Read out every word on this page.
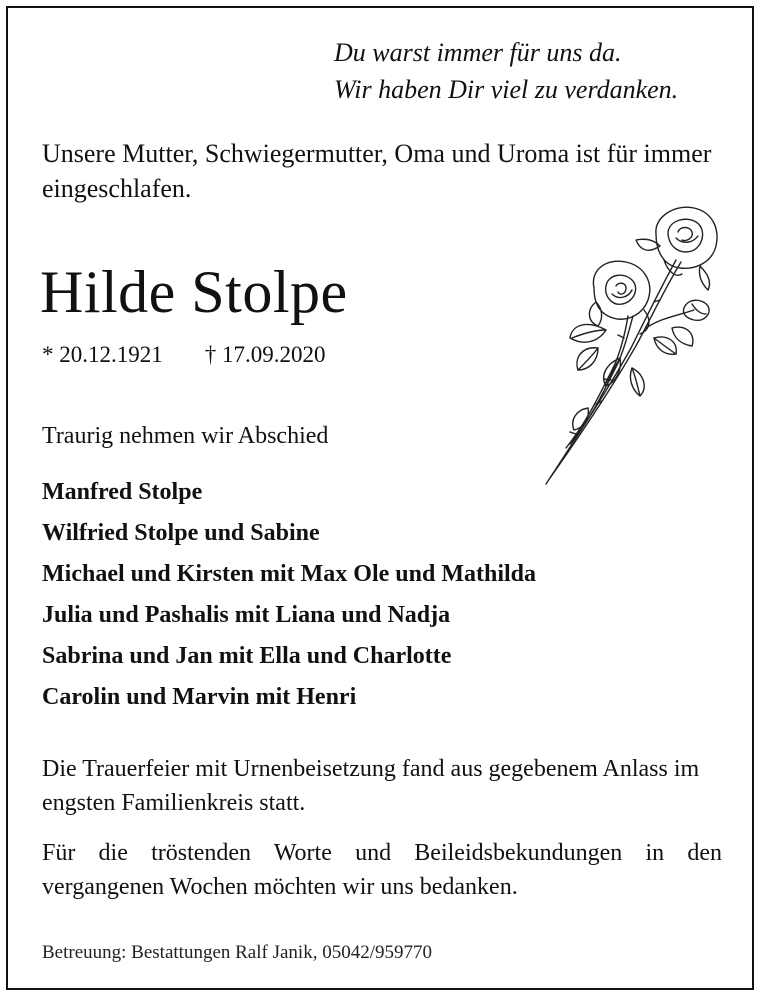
Du warst immer für uns da.
Wir haben Dir viel zu verdanken.
Unsere Mutter, Schwiegermutter, Oma und Uroma ist für immer eingeschlafen.
Hilde Stolpe
* 20.12.1921 † 17.09.2020
Traurig nehmen wir Abschied
Manfred Stolpe
Wilfried Stolpe und Sabine
Michael und Kirsten mit Max Ole und Mathilda
Julia und Pashalis mit Liana und Nadja
Sabrina und Jan mit Ella und Charlotte
Carolin und Marvin mit Henri
Die Trauerfeier mit Urnenbeisetzung fand aus gegebenem Anlass im engsten Familienkreis statt.
Für die tröstenden Worte und Beileidsbekundungen in den vergangenen Wochen möchten wir uns bedanken.
Betreuung: Bestattungen Ralf Janik, 05042/959770
